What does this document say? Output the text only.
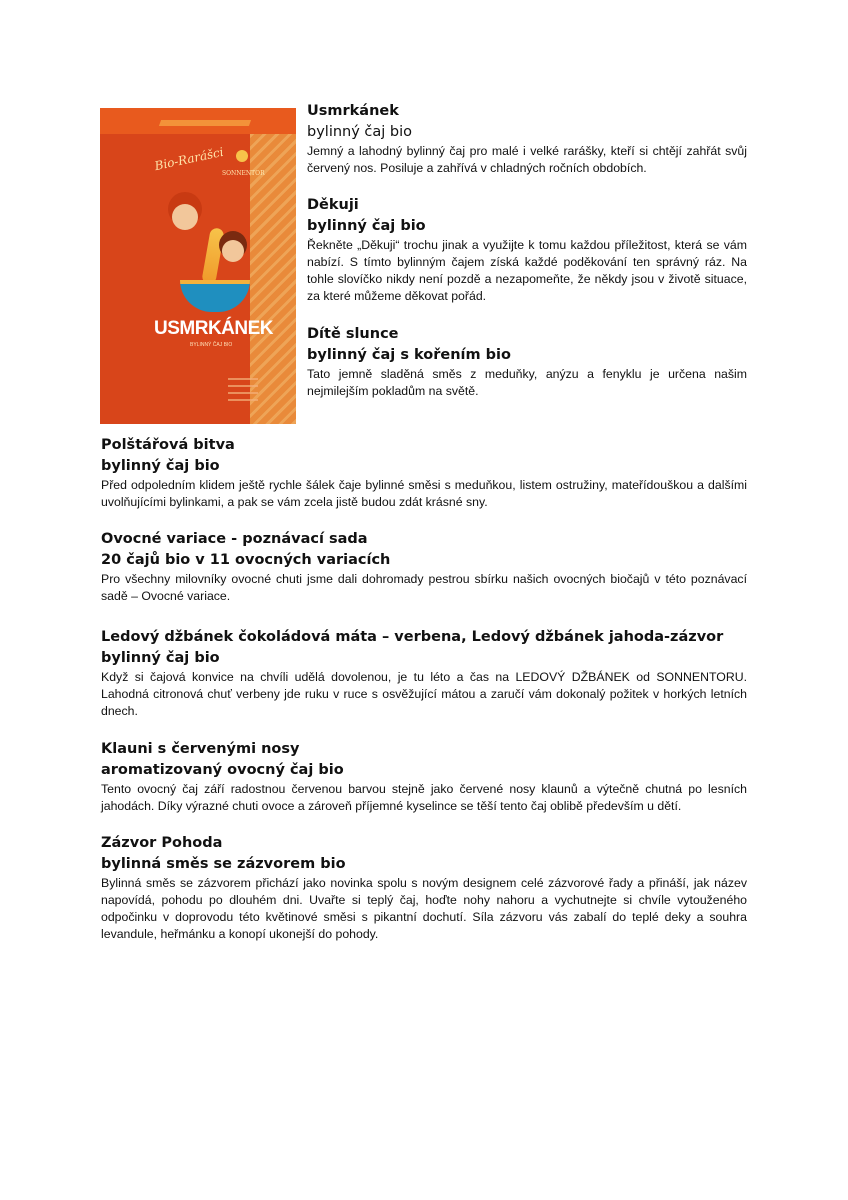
Bio-Rarášci
SONNENTOR
USMRKÁNEK
BYLINNÝ ČAJ BIO
Usmrkánek
bylinný čaj bio

Jemný a lahodný bylinný čaj pro malé i velké rarášky, kteří si chtějí zahřát svůj červený nos. Posiluje a zahřívá v chladných ročních obdobích.

Děkuji
bylinný čaj bio

Řekněte „Děkuji“ trochu jinak a využijte k tomu každou příležitost, která se vám nabízí. S tímto bylinným čajem získá každé poděkování ten správný ráz. Na tohle slovíčko nikdy není pozdě a nezapomeňte, že někdy jsou v životě situace, za které můžeme děkovat pořád.

Dítě slunce
bylinný čaj s kořením bio

Tato jemně sladěná směs z meduňky, anýzu a fenyklu je určena našim nejmilejším pokladům na světě.

Polštářová bitva
bylinný čaj bio

Před odpoledním klidem ještě rychle šálek čaje bylinné směsi s meduňkou, listem ostružiny, mateřídouškou a dalšími uvolňujícími bylinkami, a pak se vám zcela jistě budou zdát krásné sny.

Ovocné variace - poznávací sada
20 čajů bio v 11 ovocných variacích

Pro všechny milovníky ovocné chuti jsme dali dohromady pestrou sbírku našich ovocných biočajů v této poznávací sadě – Ovocné variace.

Ledový džbánek čokoládová máta – verbena, Ledový džbánek jahoda-zázvor
bylinný čaj bio

Když si čajová konvice na chvíli udělá dovolenou, je tu léto a čas na LEDOVÝ DŽBÁNEK od SONNENTORU. Lahodná citronová chuť verbeny jde ruku v ruce s osvěžující mátou a zaručí vám dokonalý požitek v horkých letních dnech.

Klauni s červenými nosy
aromatizovaný ovocný čaj bio

Tento ovocný čaj září radostnou červenou barvou stejně jako červené nosy klaunů a výtečně chutná po lesních jahodách. Díky výrazné chuti ovoce a zároveň příjemné kyselince se těší tento čaj oblibě především u dětí.

Zázvor Pohoda
bylinná směs se zázvorem bio

Bylinná směs se zázvorem přichází jako novinka spolu s novým designem celé zázvorové řady a přináší, jak název napovídá, pohodu po dlouhém dni. Uvařte si teplý čaj, hoďte nohy nahoru a vychutnejte si chvíle vytouženého odpočinku v doprovodu této květinové směsi s pikantní dochutí. Síla zázvoru vás zabalí do teplé deky a souhra levandule, heřmánku a konopí ukonejší do pohody.
